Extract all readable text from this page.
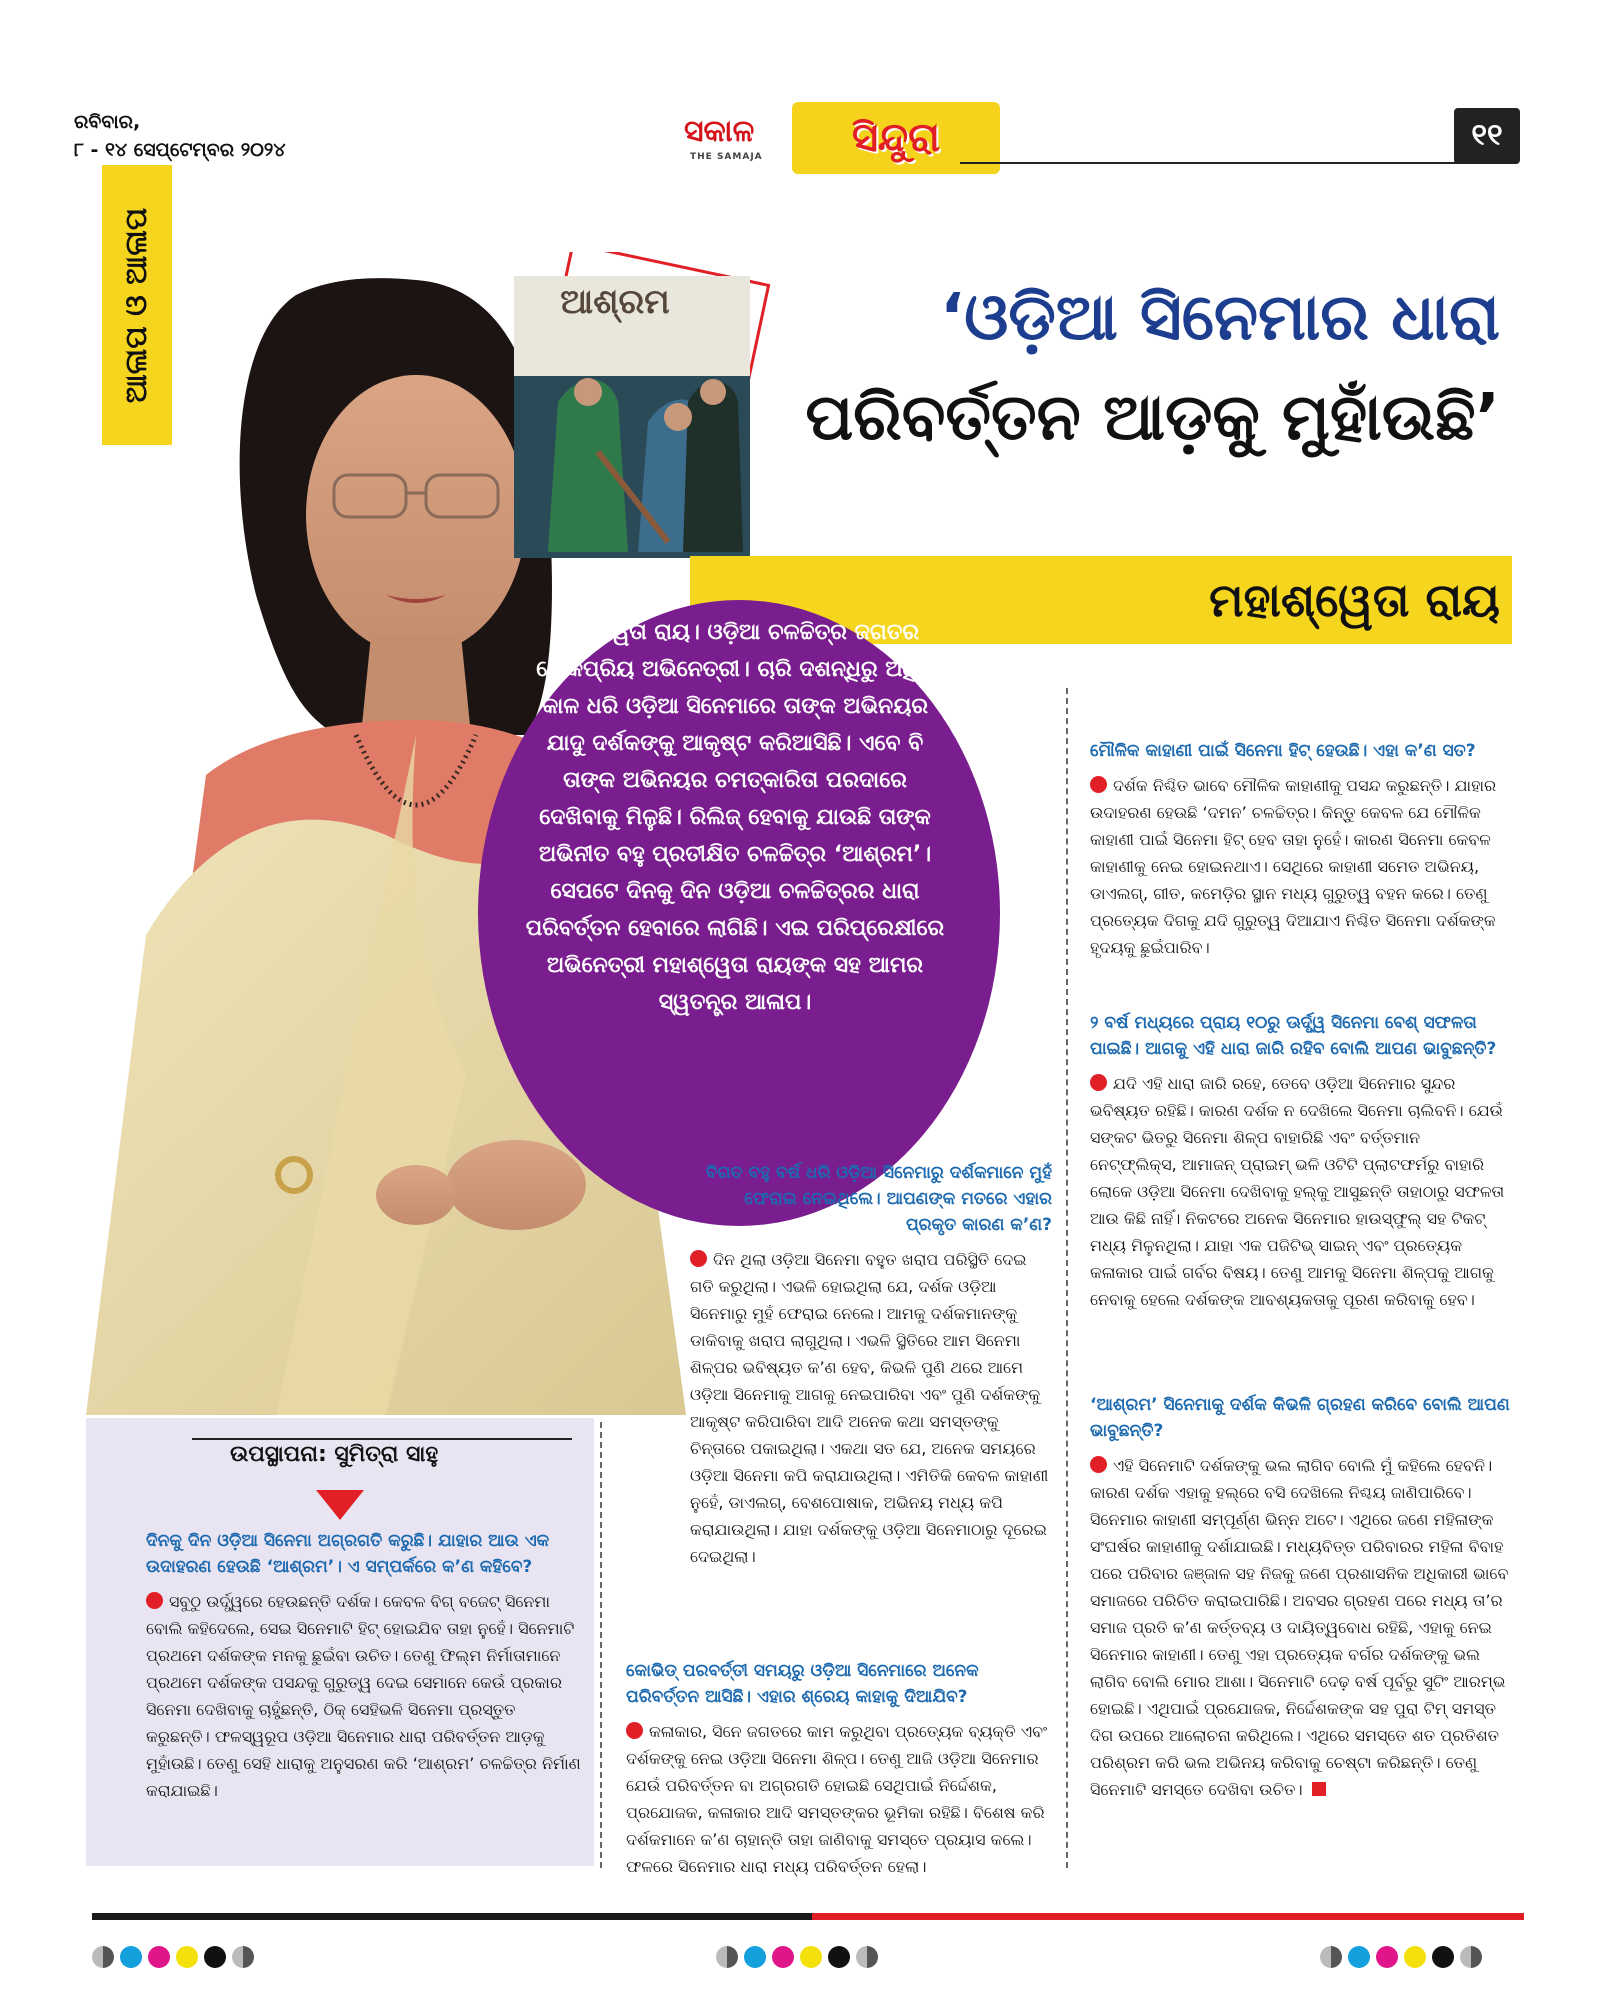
ରବିବାର,
୮ - ୧୪ ସେପ୍ଟେମ୍ବର ୨୦୨୪
ସକାଳ
THE SAMAJA	ସିନ୍ଦୁରା	୧୧
ଆଳାପ ଓ ଆଳାପ	ଆଶ୍ରମ	‘ଓଡ଼ିଆ ସିନେମାର ଧାରା
ପରିବର୍ତ୍ତନ ଆଡ଼କୁ ମୁହାଁଉଛି’
ମହାଶ୍ୱେତା ରାୟ
ମହାଶ୍ୱେତା ରାୟ। ଓଡ଼ିଆ ଚଳଚ୍ଚିତ୍ର ଜଗତର ଲୋକପ୍ରିୟ ଅଭିନେତ୍ରୀ। ଚାରି ଦଶନ୍ଧିରୁ ଅଧିକ କାଳ ଧରି ଓଡ଼ିଆ ସିନେମାରେ ତାଙ୍କ ଅଭିନୟର ଯାଦୁ ଦର୍ଶକଙ୍କୁ ଆକୃଷ୍ଟ କରିଆସିଛି। ଏବେ ବି ତାଙ୍କ ଅଭିନୟର ଚମତ୍କାରିତା ପରଦାରେ ଦେଖିବାକୁ ମିଳୁଛି। ରିଲିଜ୍ ହେବାକୁ ଯାଉଛି ତାଙ୍କ ଅଭିନୀତ ବହୁ ପ୍ରତୀକ୍ଷିତ ଚଳଚ୍ଚିତ୍ର ‘ଆଶ୍ରମ’। ସେପଟେ ଦିନକୁ ଦିନ ଓଡ଼ିଆ ଚଳଚ୍ଚିତ୍ରର ଧାରା ପରିବର୍ତ୍ତନ ହେବାରେ ଲାଗିଛି। ଏଇ ପରିପ୍ରେକ୍ଷୀରେ ଅଭିନେତ୍ରୀ ମହାଶ୍ୱେତା ରାୟଙ୍କ ସହ ଆମର ସ୍ୱତନ୍ତ୍ର ଆଳାପ।
ଉପସ୍ଥାପନା: ସୁମିତ୍ରା ସାହୁ
ଦିନକୁ ଦିନ ଓଡ଼ିଆ ସିନେମା ଅଗ୍ରଗତି କରୁଛି। ଯାହାର ଆଉ ଏକ ଉଦାହରଣ ହେଉଛି ‘ଆଶ୍ରମ’। ଏ ସମ୍ପର୍କରେ କ’ଣ କହିବେ?
ସବୁଠୁ ଉର୍ଦ୍ଧ୍ୱରେ ହେଉଛନ୍ତି ଦର୍ଶକ। କେବଳ ବିଗ୍ ବଜେଟ୍ ସିନେମା ବୋଲି କହିଦେଲେ, ସେଇ ସିନେମାଟି ହିଟ୍ ହୋଇଯିବ ତାହା ନୁହେଁ। ସିନେମାଟି ପ୍ରଥମେ ଦର୍ଶକଙ୍କ ମନକୁ ଛୁଇଁବା ଉଚିତ। ତେଣୁ ଫିଲ୍ମ ନିର୍ମାତାମାନେ ପ୍ରଥମେ ଦର୍ଶକଙ୍କ ପସନ୍ଦକୁ ଗୁରୁତ୍ୱ ଦେଇ ସେମାନେ କେଉଁ ପ୍ରକାର ସିନେମା ଦେଖିବାକୁ ଚାହୁଁଛନ୍ତି, ଠିକ୍ ସେହିଭଳି ସିନେମା ପ୍ରସ୍ତୁତ କରୁଛନ୍ତି। ଫଳସ୍ୱରୂପ ଓଡ଼ିଆ ସିନେମାର ଧାରା ପରିବର୍ତ୍ତନ ଆଡ଼କୁ ମୁହାଁଉଛି। ତେଣୁ ସେହି ଧାରାକୁ ଅନୁସରଣ କରି ‘ଆଶ୍ରମ’ ଚଳଚ୍ଚିତ୍ର ନିର୍ମାଣ କରାଯାଇଛି।
ବିଗତ ବହୁ ବର୍ଷ ଧରି ଓଡ଼ିଆ ସିନେମାରୁ ଦର୍ଶକମାନେ ମୁହଁ ଫେରାଇ ନେଇଥିଲେ। ଆପଣଙ୍କ ମତରେ ଏହାର ପ୍ରକୃତ କାରଣ କ’ଣ?
ଦିନ ଥିଲା ଓଡ଼ିଆ ସିନେମା ବହୁତ ଖରାପ ପରିସ୍ଥିତି ଦେଇ ଗତି କରୁଥିଲା। ଏଭଳି ହୋଇଥିଲା ଯେ, ଦର୍ଶକ ଓଡ଼ିଆ ସିନେମାରୁ ମୁହଁ ଫେରାଇ ନେଲେ। ଆମକୁ ଦର୍ଶକମାନଙ୍କୁ ଡାକିବାକୁ ଖରାପ ଲାଗୁଥିଲା। ଏଭଳି ସ୍ଥିତିରେ ଆମ ସିନେମା ଶିଳ୍ପର ଭବିଷ୍ୟତ କ’ଣ ହେବ, କିଭଳି ପୁଣି ଥରେ ଆମେ ଓଡ଼ିଆ ସିନେମାକୁ ଆଗକୁ ନେଇପାରିବା ଏବଂ ପୁଣି ଦର୍ଶକଙ୍କୁ ଆକୃଷ୍ଟ କରିପାରିବା ଆଦି ଅନେକ କଥା ସମସ୍ତଙ୍କୁ ଚିନ୍ତାରେ ପକାଇଥିଲା। ଏକଥା ସତ ଯେ, ଅନେକ ସମୟରେ ଓଡ଼ିଆ ସିନେମା କପି କରାଯାଉଥିଲା। ଏମିତିକି କେବଳ କାହାଣୀ ନୁହେଁ, ଡାଏଲଗ୍, ବେଶପୋଷାକ, ଅଭିନୟ ମଧ୍ୟ କପି କରାଯାଉଥିଲା। ଯାହା ଦର୍ଶକଙ୍କୁ ଓଡ଼ିଆ ସିନେମାଠାରୁ ଦୂରେଇ ଦେଇଥିଲା।
କୋଭିଡ୍ ପରବର୍ତ୍ତୀ ସମୟରୁ ଓଡ଼ିଆ ସିନେମାରେ ଅନେକ ପରିବର୍ତ୍ତନ ଆସିଛି। ଏହାର ଶ୍ରେୟ କାହାକୁ ଦିଆଯିବ?
କଳାକାର, ସିନେ ଜଗତରେ କାମ କରୁଥିବା ପ୍ରତ୍ୟେକ ବ୍ୟକ୍ତି ଏବଂ ଦର୍ଶକଙ୍କୁ ନେଇ ଓଡ଼ିଆ ସିନେମା ଶିଳ୍ପ। ତେଣୁ ଆଜି ଓଡ଼ିଆ ସିନେମାର ଯେଉଁ ପରିବର୍ତ୍ତନ ବା ଅଗ୍ରଗତି ହୋଇଛି ସେଥିପାଇଁ ନିର୍ଦ୍ଦେଶକ, ପ୍ରଯୋଜକ, କଳାକାର ଆଦି ସମସ୍ତଙ୍କର ଭୂମିକା ରହିଛି। ବିଶେଷ କରି ଦର୍ଶକମାନେ କ’ଣ ଚାହାନ୍ତି ତାହା ଜାଣିବାକୁ ସମସ୍ତେ ପ୍ରୟାସ କଲେ। ଫଳରେ ସିନେମାର ଧାରା ମଧ୍ୟ ପରିବର୍ତ୍ତନ ହେଲା।
ମୌଳିକ କାହାଣୀ ପାଇଁ ସିନେମା ହିଟ୍ ହେଉଛି। ଏହା କ’ଣ ସତ?
ଦର୍ଶକ ନିଶ୍ଚିତ ଭାବେ ମୌଳିକ କାହାଣୀକୁ ପସନ୍ଦ କରୁଛନ୍ତି। ଯାହାର ଉଦାହରଣ ହେଉଛି ‘ଦମନ’ ଚଳଚ୍ଚିତ୍ର। କିନ୍ତୁ କେବଳ ଯେ ମୌଳିକ କାହାଣୀ ପାଇଁ ସିନେମା ହିଟ୍ ହେବ ତାହା ନୁହେଁ। କାରଣ ସିନେମା କେବଳ କାହାଣୀକୁ ନେଇ ହୋଇନଥାଏ। ସେଥିରେ କାହାଣୀ ସମେତ ଅଭିନୟ, ଡାଏଲଗ୍, ଗୀତ, କମେଡ଼ିର ସ୍ଥାନ ମଧ୍ୟ ଗୁରୁତ୍ୱ ବହନ କରେ। ତେଣୁ ପ୍ରତ୍ୟେକ ଦିଗକୁ ଯଦି ଗୁରୁତ୍ୱ ଦିଆଯାଏ ନିଶ୍ଚିତ ସିନେମା ଦର୍ଶକଙ୍କ ହୃଦୟକୁ ଛୁଇଁପାରିବ।
୨ ବର୍ଷ ମଧ୍ୟରେ ପ୍ରାୟ ୧୦ରୁ ଊର୍ଦ୍ଧ୍ୱ ସିନେମା ବେଶ୍ ସଫଳତା ପାଇଛି। ଆଗକୁ ଏହି ଧାରା ଜାରି ରହିବ ବୋଲି ଆପଣ ଭାବୁଛନ୍ତି?
ଯଦି ଏହି ଧାରା ଜାରି ରହେ, ତେବେ ଓଡ଼ିଆ ସିନେମାର ସୁନ୍ଦର ଭବିଷ୍ୟତ ରହିଛି। କାରଣ ଦର୍ଶକ ନ ଦେଖିଲେ ସିନେମା ଚାଲିବନି। ଯେଉଁ ସଙ୍କଟ ଭିତରୁ ସିନେମା ଶିଳ୍ପ ବାହାରିଛି ଏବଂ ବର୍ତ୍ତମାନ ନେଟ୍‌ଫ୍ଲିକ୍ସ, ଆମାଜନ୍ ପ୍ରାଇମ୍ ଭଳି ଓଟିଟି ପ୍ଲାଟଫର୍ମରୁ ବାହାରି ଲୋକେ ଓଡ଼ିଆ ସିନେମା ଦେଖିବାକୁ ହଲ୍‌କୁ ଆସୁଛନ୍ତି ତାହାଠାରୁ ସଫଳତା ଆଉ କିଛି ନାହିଁ। ନିକଟରେ ଅନେକ ସିନେମାର ହାଉସ୍‌ଫୁଲ୍ ସହ ଟିକଟ୍ ମଧ୍ୟ ମିଳୁନଥିଲା। ଯାହା ଏକ ପଜିଟିଭ୍ ସାଇନ୍ ଏବଂ ପ୍ରତ୍ୟେକ କଳାକାର ପାଇଁ ଗର୍ବର ବିଷୟ। ତେଣୁ ଆମକୁ ସିନେମା ଶିଳ୍ପକୁ ଆଗକୁ ନେବାକୁ ହେଲେ ଦର୍ଶକଙ୍କ ଆବଶ୍ୟକତାକୁ ପୂରଣ କରିବାକୁ ହେବ।
‘ଆଶ୍ରମ’ ସିନେମାକୁ ଦର୍ଶକ କିଭଳି ଗ୍ରହଣ କରିବେ ବୋଲି ଆପଣ ଭାବୁଛନ୍ତି?
ଏହି ସିନେମାଟି ଦର୍ଶକଙ୍କୁ ଭଲ ଲାଗିବ ବୋଲି ମୁଁ କହିଲେ ହେବନି। କାରଣ ଦର୍ଶକ ଏହାକୁ ହଲ୍‌ରେ ବସି ଦେଖିଲେ ନିଶ୍ଚୟ ଜାଣିପାରିବେ। ସିନେମାର କାହାଣୀ ସମ୍ପୂର୍ଣ୍ଣ ଭିନ୍ନ ଅଟେ। ଏଥିରେ ଜଣେ ମହିଳାଙ୍କ ସଂଘର୍ଷର କାହାଣୀକୁ ଦର୍ଶାଯାଇଛି। ମଧ୍ୟବିତ୍ତ ପରିବାରର ମହିଳା ବିବାହ ପରେ ପରିବାର ଜଞ୍ଜାଳ ସହ ନିଜକୁ ଜଣେ ପ୍ରଶାସନିକ ଅଧିକାରୀ ଭାବେ ସମାଜରେ ପରିଚିତ କରାଇପାରିଛି। ଅବସର ଗ୍ରହଣ ପରେ ମଧ୍ୟ ତା’ର ସମାଜ ପ୍ରତି କ’ଣ କର୍ତ୍ତବ୍ୟ ଓ ଦାୟିତ୍ୱବୋଧ ରହିଛି, ଏହାକୁ ନେଇ ସିନେମାର କାହାଣୀ। ତେଣୁ ଏହା ପ୍ରତ୍ୟେକ ବର୍ଗର ଦର୍ଶକଙ୍କୁ ଭଲ ଲାଗିବ ବୋଲି ମୋର ଆଶା। ସିନେମାଟି ଦେଢ଼ ବର୍ଷ ପୂର୍ବରୁ ସୁଟିଂ ଆରମ୍ଭ ହୋଇଛି। ଏଥିପାଇଁ ପ୍ରଯୋଜକ, ନିର୍ଦ୍ଦେଶକଙ୍କ ସହ ପୁରା ଟିମ୍ ସମସ୍ତ ଦିଗ ଉପରେ ଆଲୋଚନା କରିଥିଲେ। ଏଥିରେ ସମସ୍ତେ ଶତ ପ୍ରତିଶତ ପରିଶ୍ରମ କରି ଭଲ ଅଭିନୟ କରିବାକୁ ଚେଷ୍ଟା କରିଛନ୍ତି। ତେଣୁ ସିନେମାଟି ସମସ୍ତେ ଦେଖିବା ଉଚିତ।
